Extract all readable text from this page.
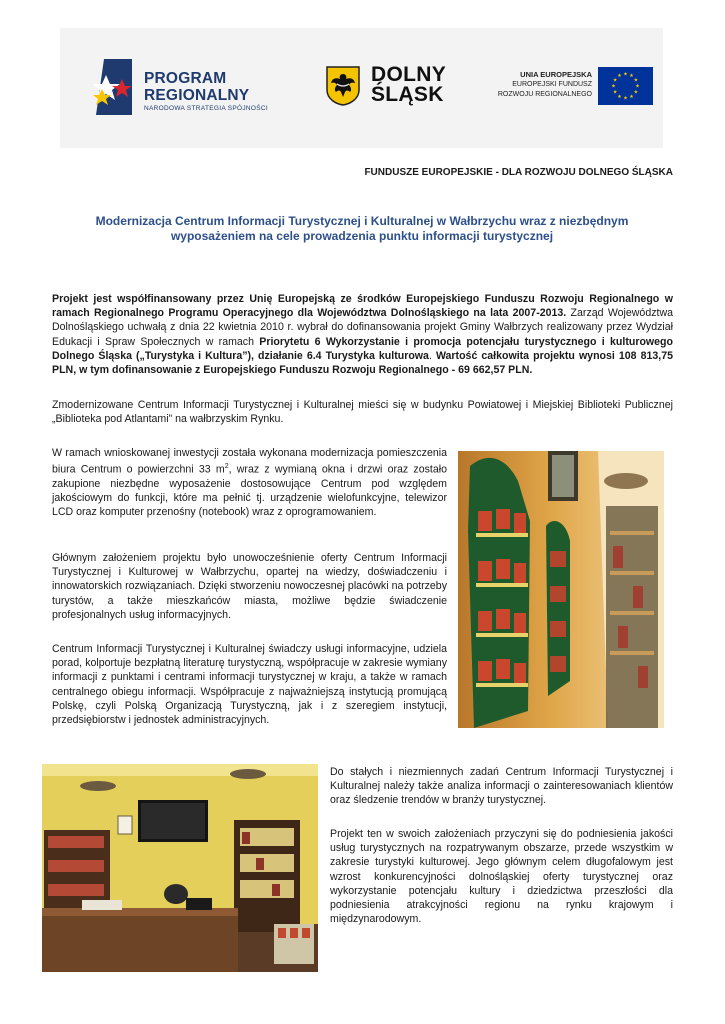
PROGRAM
REGIONALNY
NARODOWA STRATEGIA SPÓJNOŚCI
DOLNY
ŚLĄSK
UNIA EUROPEJSKA
EUROPEJSKI FUNDUSZ
ROZWOJU REGIONALNEGO
★ ★
★
★
★
★
★
★
★
★
★
★
FUNDUSZE EUROPEJSKIE - DLA ROZWOJU DOLNEGO ŚLĄSKA
Modernizacja Centrum Informacji Turystycznej i Kulturalnej w Wałbrzychu wraz z niezbędnym
wyposażeniem na cele prowadzenia punktu informacji turystycznej
Projekt jest współfinansowany przez Unię Europejską ze środków Europejskiego Funduszu Rozwoju Regionalnego w ramach Regionalnego Programu Operacyjnego dla Województwa Dolnośląskiego na lata 2007-2013. Zarząd Województwa Dolnośląskiego uchwałą z dnia 22 kwietnia 2010 r. wybrał do dofinansowania projekt Gminy Wałbrzych realizowany przez Wydział Edukacji i Spraw Społecznych w ramach Priorytetu 6 Wykorzystanie i promocja potencjału turystycznego i kulturowego Dolnego Śląska („Turystyka i Kultura”), działanie 6.4 Turystyka kulturowa. Wartość całkowita projektu wynosi 108 813,75 PLN, w tym dofinansowanie z Europejskiego Funduszu Rozwoju Regionalnego - 69 662,57 PLN.
Zmodernizowane Centrum Informacji Turystycznej i Kulturalnej mieści się w budynku Powiatowej i Miejskiej Biblioteki Publicznej „Biblioteka pod Atlantami” na wałbrzyskim Rynku.
W ramach wnioskowanej inwestycji została wykonana modernizacja pomieszczenia biura Centrum o powierzchni 33 $m^2$, wraz z wymianą okna i drzwi oraz zostało zakupione niezbędne wyposażenie dostosowujące Centrum pod względem jakościowym do funkcji, które ma pełnić tj. urządzenie wielofunkcyjne, telewizor LCD oraz komputer przenośny (notebook) wraz z oprogramowaniem.
Głównym założeniem projektu było unowocześnienie oferty Centrum Informacji Turystycznej i Kulturowej w Wałbrzychu, opartej na wiedzy, doświadczeniu i innowatorskich rozwiązaniach. Dzięki stworzeniu nowoczesnej placówki na potrzeby turystów, a także mieszkańców miasta, możliwe będzie świadczenie profesjonalnych usług informacyjnych.
Centrum Informacji Turystycznej i Kulturalnej świadczy usługi informacyjne, udziela porad, kolportuje bezpłatną literaturę turystyczną, współpracuje w zakresie wymiany informacji z punktami i centrami informacji turystycznej w kraju, a także w ramach centralnego obiegu informacji. Współpracuje z najważniejszą instytucją promującą Polskę, czyli Polską Organizacją Turystyczną, jak i z szeregiem instytucji, przedsiębiorstw i jednostek administracyjnych.
Do stałych i niezmiennych zadań Centrum Informacji Turystycznej i Kulturalnej należy także analiza informacji o zainteresowaniach klientów oraz śledzenie trendów w branży turystycznej.
Projekt ten w swoich założeniach przyczyni się do podniesienia jakości usług turystycznych na rozpatrywanym obszarze, przede wszystkim w zakresie turystyki kulturowej. Jego głównym celem długofalowym jest wzrost konkurencyjności dolnośląskiej oferty turystycznej oraz wykorzystanie potencjału kultury i dziedzictwa przeszłości dla podniesienia atrakcyjności regionu na rynku krajowym i międzynarodowym.
